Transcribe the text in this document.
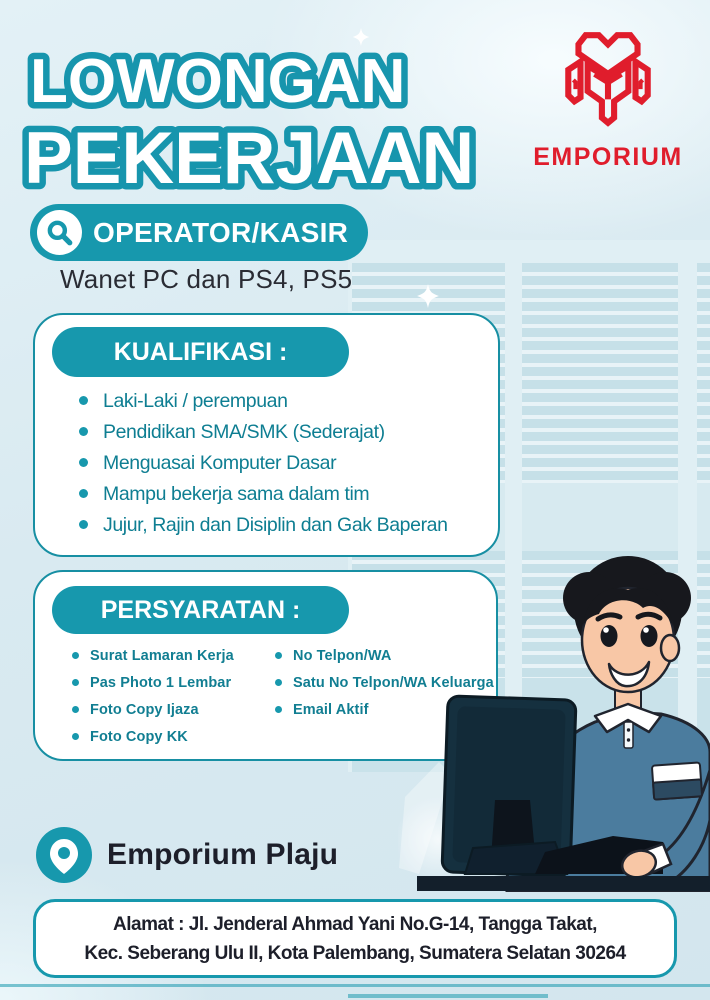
LOWONGAN
PEKERJAAN	EMPORIUM
OPERATOR/KASIR
Wanet PC dan PS4, PS5
KUALIFIKASI :
Laki-Laki / perempuan
Pendidikan SMA/SMK (Sederajat)
Menguasai Komputer Dasar
Mampu bekerja sama dalam tim
Jujur, Rajin dan Disiplin dan Gak Baperan
PERSYARATAN :
Surat Lamaran Kerja
Pas Photo 1 Lembar
Foto Copy Ijaza
Foto Copy KK
No Telpon/WA
Satu No Telpon/WA Keluarga
Email Aktif
Emporium Plaju
Alamat : Jl. Jenderal Ahmad Yani No.G-14, Tangga Takat,
Kec. Seberang Ulu II, Kota Palembang, Sumatera Selatan 30264
